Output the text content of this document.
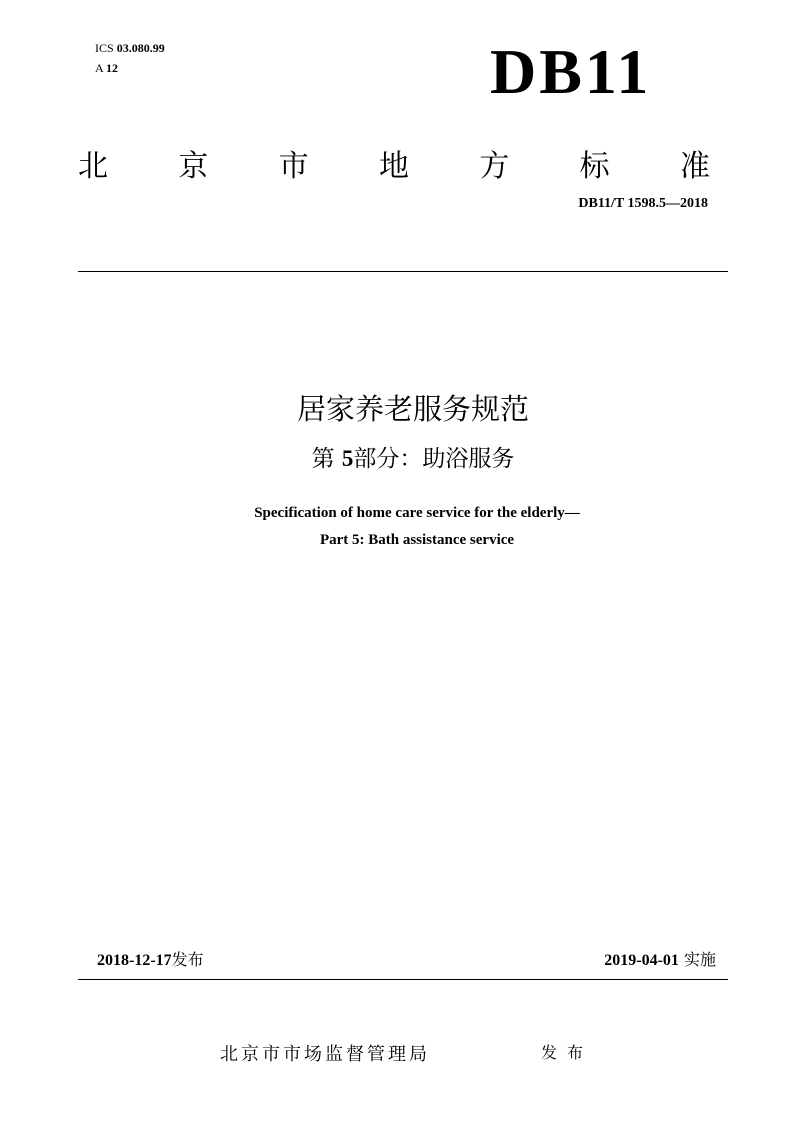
ICS 03.080.99
A 12	DB11
北 京 市 地 方 标 准
DB11/T 1598.5—2018
居家养老服务规范
第 5部分：助浴服务
Specification of home care service for the elderly—
Part 5: Bath assistance service
2018-12-17发布	2019-04-01 实施
北京市市场监督管理局	发布
